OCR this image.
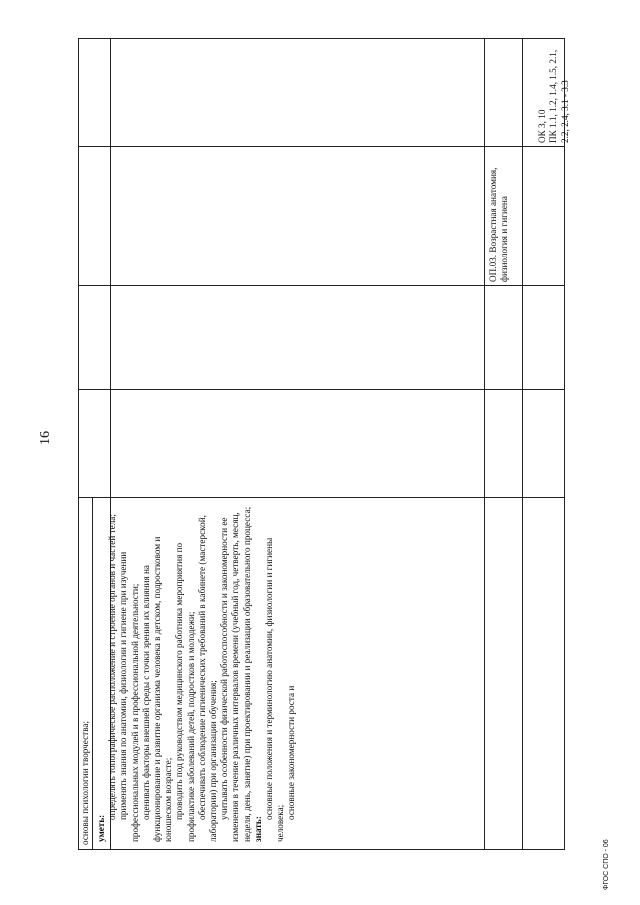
16
основы психологии творчества; уметь:

определять топографическое расположение и строение органов и частей тела; применять знания по анатомии, физиологии и гигиене при изучении профессиональных модулей и в профессиональной деятельности; оценивать факторы внешней среды с точки зрения их влияния на функционирование и развитие организма человека в детском, подростковом и юношеском возрасте; проводить под руководством медицинского работника мероприятия по профилактике заболеваний детей, подростков и молодежи; обеспечивать соблюдение гигиенических требований в кабинете (мастерской, лаборатории) при организации обучения; учитывать особенности физической работоспособности и закономерности ее изменения в течение различных интервалов времени (учебный год, четверть, месяц, неделя, день, занятие) при проектировании и реализации образовательного процесса; знать:

основные положения и терминологию анатомии, физиологии и гигиены человека;

основные закономерности роста и

ОП.03. Возрастная анатомия, физиология и гигиена

ОК 3, 10
ПК 1.1, 1.2, 1.4, 1.5, 2.1, 2.2, 2.4, 3.1 - 3.3

ФГОС СПО - 06
